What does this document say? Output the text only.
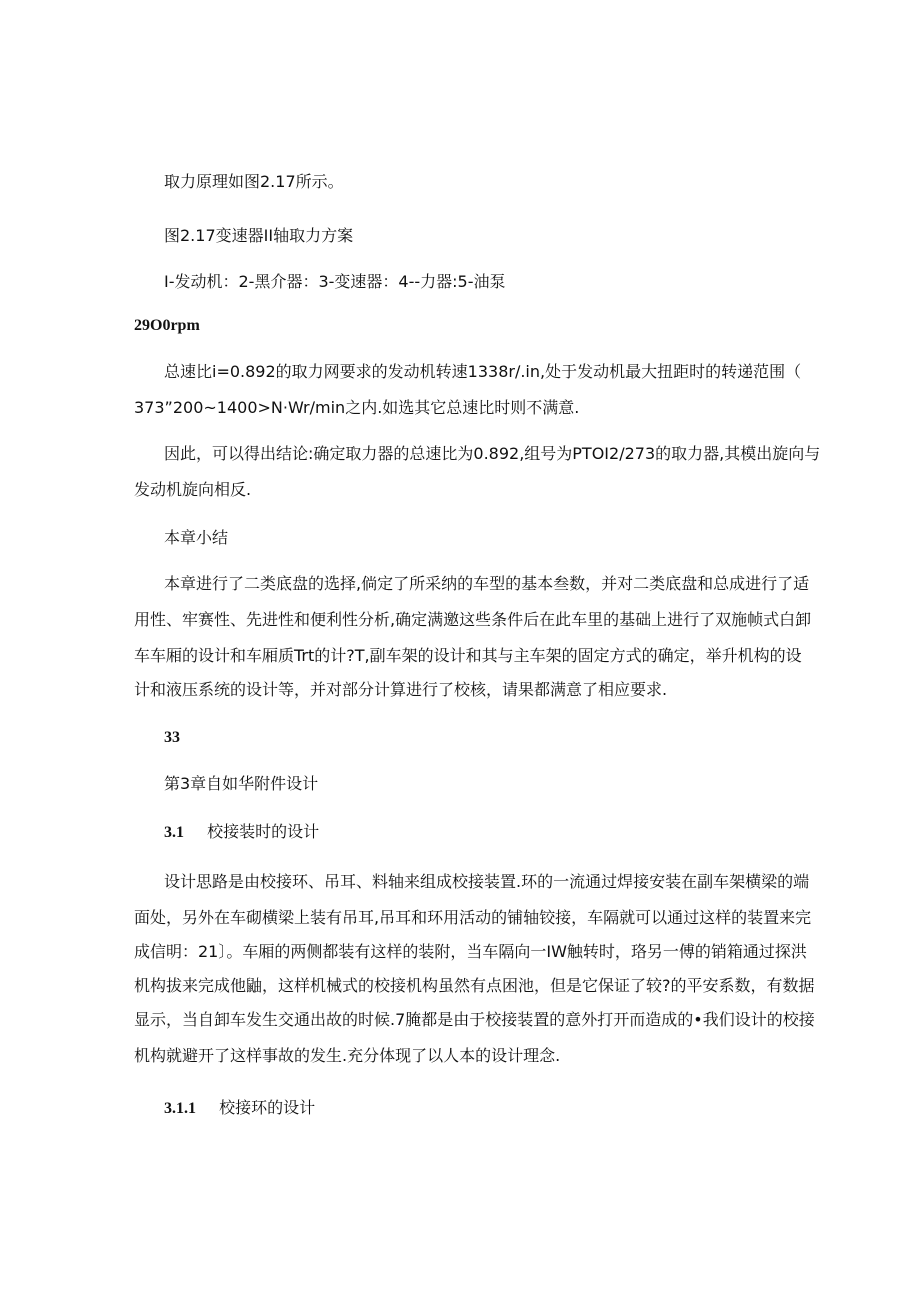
取力原理如图2.17所示。
图2.17变速器II轴取力方案
I-发动机：2-黑介器：3-变速器：4--力器:5-油泵
29O0rpm
总速比i=0.892的取力网要求的发动机转速1338r∕.in,处于发动机最大扭距时的转递范围（
373”200~1400>N·Wr∕min之内.如选其它总速比时则不满意.
因此，可以得出结论:确定取力器的总速比为0.892,组号为PTOI2/273的取力器,其模出旋向与
发动机旋向相反.
本章小结
本章进行了二类底盘的选择,倘定了所采纳的车型的基本叁数，并对二类底盘和总成进行了适
用性、牢赛性、先进性和便利性分析,确定满邀这些条件后在此车里的基础上进行了双施帧式白卸
车车厢的设计和车厢质Trt的计?T,副车架的设计和其与主车架的固定方式的确定，举升机构的设
计和液压系统的设计等，并对部分计算进行了校核，请果都满意了相应要求.
33
第3章自如华附件设计
3.1 校接装时的设计
设计思路是由校接环、吊耳、料轴来组成校接装置.环的一流通过焊接安装在副车架横梁的端
面处，另外在车砌横梁上装有吊耳,吊耳和环用活动的铺轴铰接，车隔就可以通过这样的装置来完
成信明：21〕。车厢的两侧都装有这样的装附，当车隔向一IW触转时，珞另一傅的销箱通过探洪
机构拔来完成他鼬，这样机械式的校接机构虽然有点困池，但是它保证了较?的平安系数，有数据
显示，当自卸车发生交通出故的时候.7腌都是由于校接装置的意外打开而造成的•我们设计的校接
机构就避开了这样事故的发生.充分体现了以人本的设计理念.
3.1.1 校接环的设计
